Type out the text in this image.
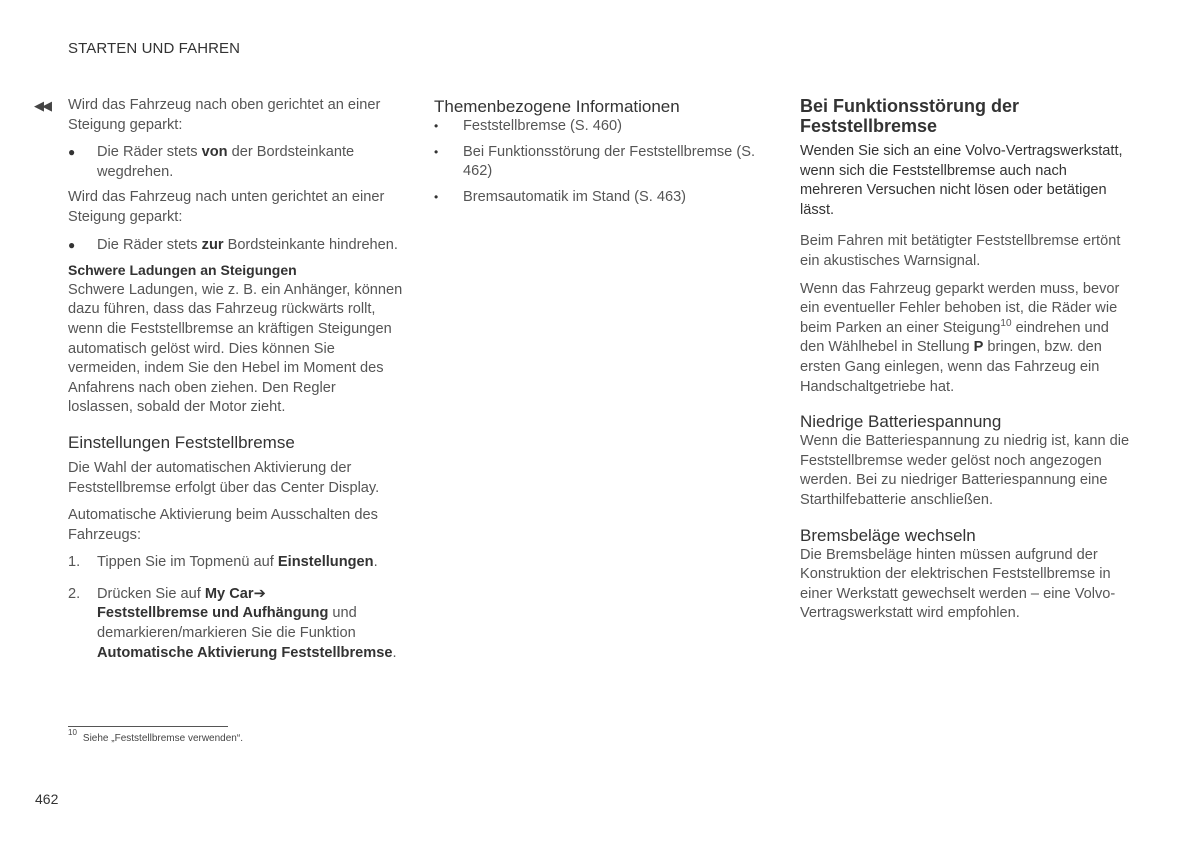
STARTEN UND FAHREN
◀◀ Wird das Fahrzeug nach oben gerichtet an einer Steigung geparkt:

● Die Räder stets von der Bordsteinkante wegdrehen.

Wird das Fahrzeug nach unten gerichtet an einer Steigung geparkt:

● Die Räder stets zur Bordsteinkante hindrehen.

Schwere Ladungen an Steigungen

Schwere Ladungen, wie z. B. ein Anhänger, können dazu führen, dass das Fahrzeug rückwärts rollt, wenn die Feststellbremse an kräftigen Steigungen automatisch gelöst wird. Dies können Sie vermeiden, indem Sie den Hebel im Moment des Anfahrens nach oben ziehen. Den Regler loslassen, sobald der Motor zieht.

Einstellungen Feststellbremse

Die Wahl der automatischen Aktivierung der Feststellbremse erfolgt über das Center Display.

Automatische Aktivierung beim Ausschalten des Fahrzeugs:

1. Tippen Sie im Topmenü auf Einstellungen.
2. Drücken Sie auf My Car➔
Feststellbremse und Aufhängung und demarkieren/markieren Sie die Funktion Automatische Aktivierung Feststellbremse.

Themenbezogene Informationen

• Feststellbremse (S. 460)
• Bei Funktionsstörung der Feststellbremse (S. 462)
• Bremsautomatik im Stand (S. 463)

Bei Funktionsstörung der Feststellbremse

Wenden Sie sich an eine Volvo-Vertragswerkstatt, wenn sich die Feststellbremse auch nach mehreren Versuchen nicht lösen oder betätigen lässt.

Beim Fahren mit betätigter Feststellbremse ertönt ein akustisches Warnsignal.

Wenn das Fahrzeug geparkt werden muss, bevor ein eventueller Fehler behoben ist, die Räder wie beim Parken an einer Steigung$^{10}$ eindrehen und den Wählhebel in Stellung P bringen, bzw. den ersten Gang einlegen, wenn das Fahrzeug ein Handschaltgetriebe hat.

Niedrige Batteriespannung

Wenn die Batteriespannung zu niedrig ist, kann die Feststellbremse weder gelöst noch angezogen werden. Bei zu niedriger Batteriespannung eine Starthilfebatterie anschließen.

Bremsbeläge wechseln

Die Bremsbeläge hinten müssen aufgrund der Konstruktion der elektrischen Feststellbremse in einer Werkstatt gewechselt werden – eine Volvo-Vertragswerkstatt wird empfohlen.

$^{10}$Siehe „Feststellbremse verwenden“.
462
